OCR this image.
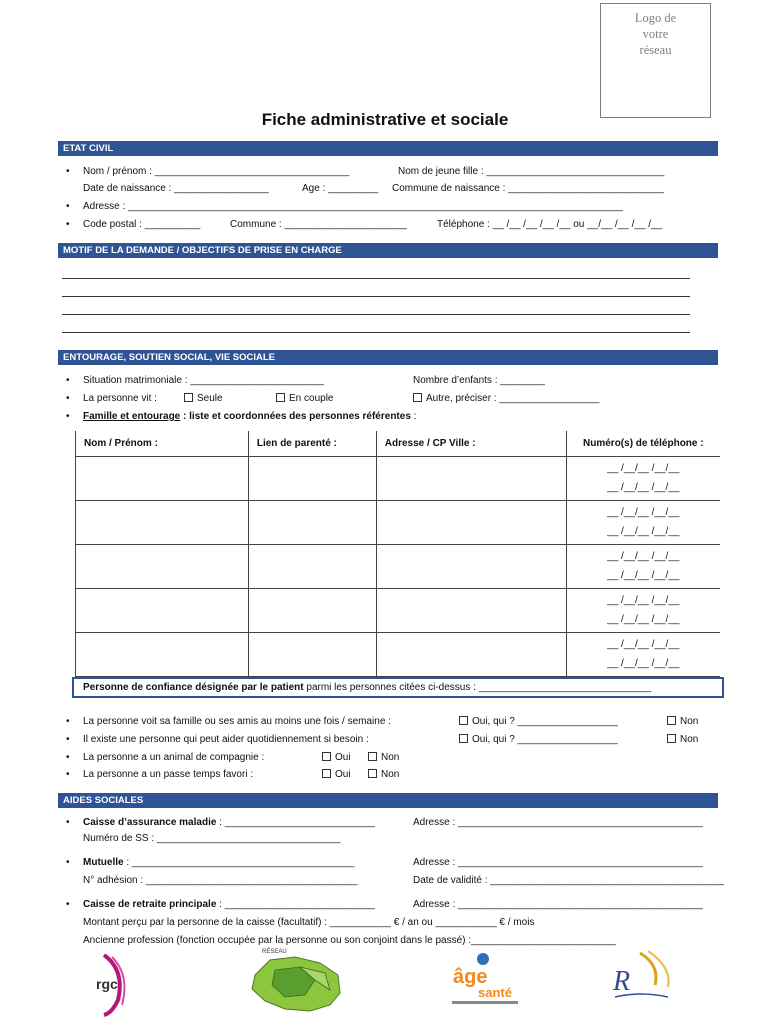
Logo de
votre
réseau
Fiche administrative et sociale
ETAT CIVIL
• Nom / prénom : ___________________________________	Nom de jeune fille : ________________________________
Date de naissance : _________________	Age : _________ Commune de naissance : ____________________________
• Adresse : _________________________________________________________________________________________
• Code postal : __________	Commune : ______________________	Téléphone : __ /__ /__ /__ /__ ou __/__ /__ /__ /__
MOTIF DE LA DEMANDE / OBJECTIFS DE PRISE EN CHARGE
ENTOURAGE, SOUTIEN SOCIAL, VIE SOCIALE
• Situation matrimoniale : ________________________	Nombre d’enfants : ________
• La personne vit :	Seule	En couple	Autre, préciser : __________________
• Famille et entourage : liste et coordonnées des personnes référentes :
Nom / Prénom :	Lien de parenté :	Adresse / CP Ville :	Numéro(s) de téléphone :

			__ /__/__ /__/__
__ /__/__ /__/__

			__ /__/__ /__/__
__ /__/__ /__/__

			__ /__/__ /__/__
__ /__/__ /__/__

			__ /__/__ /__/__
__ /__/__ /__/__

			__ /__/__ /__/__
__ /__/__ /__/__
Personne de confiance désignée par le patient parmi les personnes citées ci-dessus : _______________________________
• La personne voit sa famille ou ses amis au moins une fois / semaine :	Oui, qui ? __________________	Non
• Il existe une personne qui peut aider quotidiennement si besoin :	Oui, qui ? __________________	Non
• La personne a un animal de compagnie :	Oui	Non
• La personne a un passe temps favori :	Oui	Non
AIDES SOCIALES
• Caisse d’assurance maladie : ___________________________	Adresse : ____________________________________________
Numéro de SS : _________________________________
• Mutuelle : ________________________________________	Adresse : ____________________________________________
N° adhésion : ______________________________________	Date de validité : __________________________________________
• Caisse de retraite principale : ___________________________	Adresse : ____________________________________________
Montant perçu par la personne de la caisse (facultatif) : ___________ € / an ou ___________ € / mois
Ancienne profession (fonction occupée par la personne ou son conjoint dans le passé) :__________________________
rgc
RÉSEAU
âge
santé	R
